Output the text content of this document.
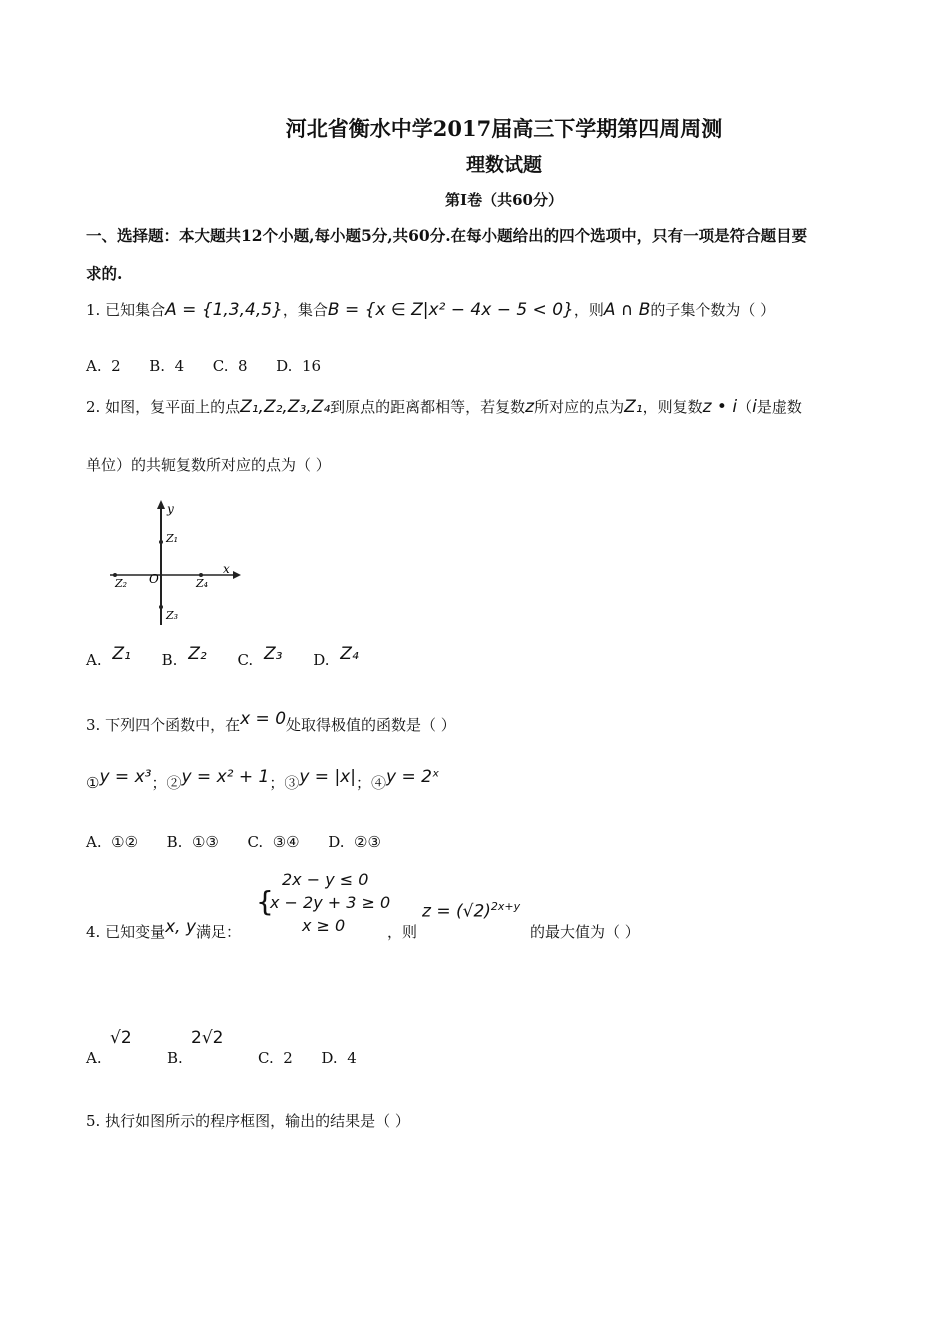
河北省衡水中学2017届高三下学期第四周周测
理数试题
第Ⅰ卷（共60分）
一、选择题：本大题共12个小题,每小题5分,共60分.在每小题给出的四个选项中，只有一项是符合题目要
求的.
1. 已知集合A = {1,3,4,5}，集合B = {x ∈ Z|x² − 4x − 5 < 0}，则A ∩ B的子集个数为（ ）
A.  2      B.  4      C.  8      D.  16
2. 如图，复平面上的点Z₁,Z₂,Z₃,Z₄到原点的距离都相等，若复数z所对应的点为Z₁，则复数z • i（i是虚数
单位）的共轭复数所对应的点为（ ）
y
x
O
Z₁
Z₂
Z₃
Z₄
A. Z₁ B. Z₂ C. Z₃ D. Z₄
3. 下列四个函数中，在x = 0处取得极值的函数是（ ）
①y = x³；②y = x² + 1；③y = |x|；④y = 2ˣ
A.  ①②      B.  ①③      C.  ③④      D.  ②③
4. 已知变量x, y满足：
{
2x − y ≤ 0
x − 2y + 3 ≥ 0
x ≥ 0	，则
$z = (√2)^{2x+y}$
的最大值为（ ）
√2	2√2
A.	B.	C.  2      D.  4
5. 执行如图所示的程序框图，输出的结果是（ ）
